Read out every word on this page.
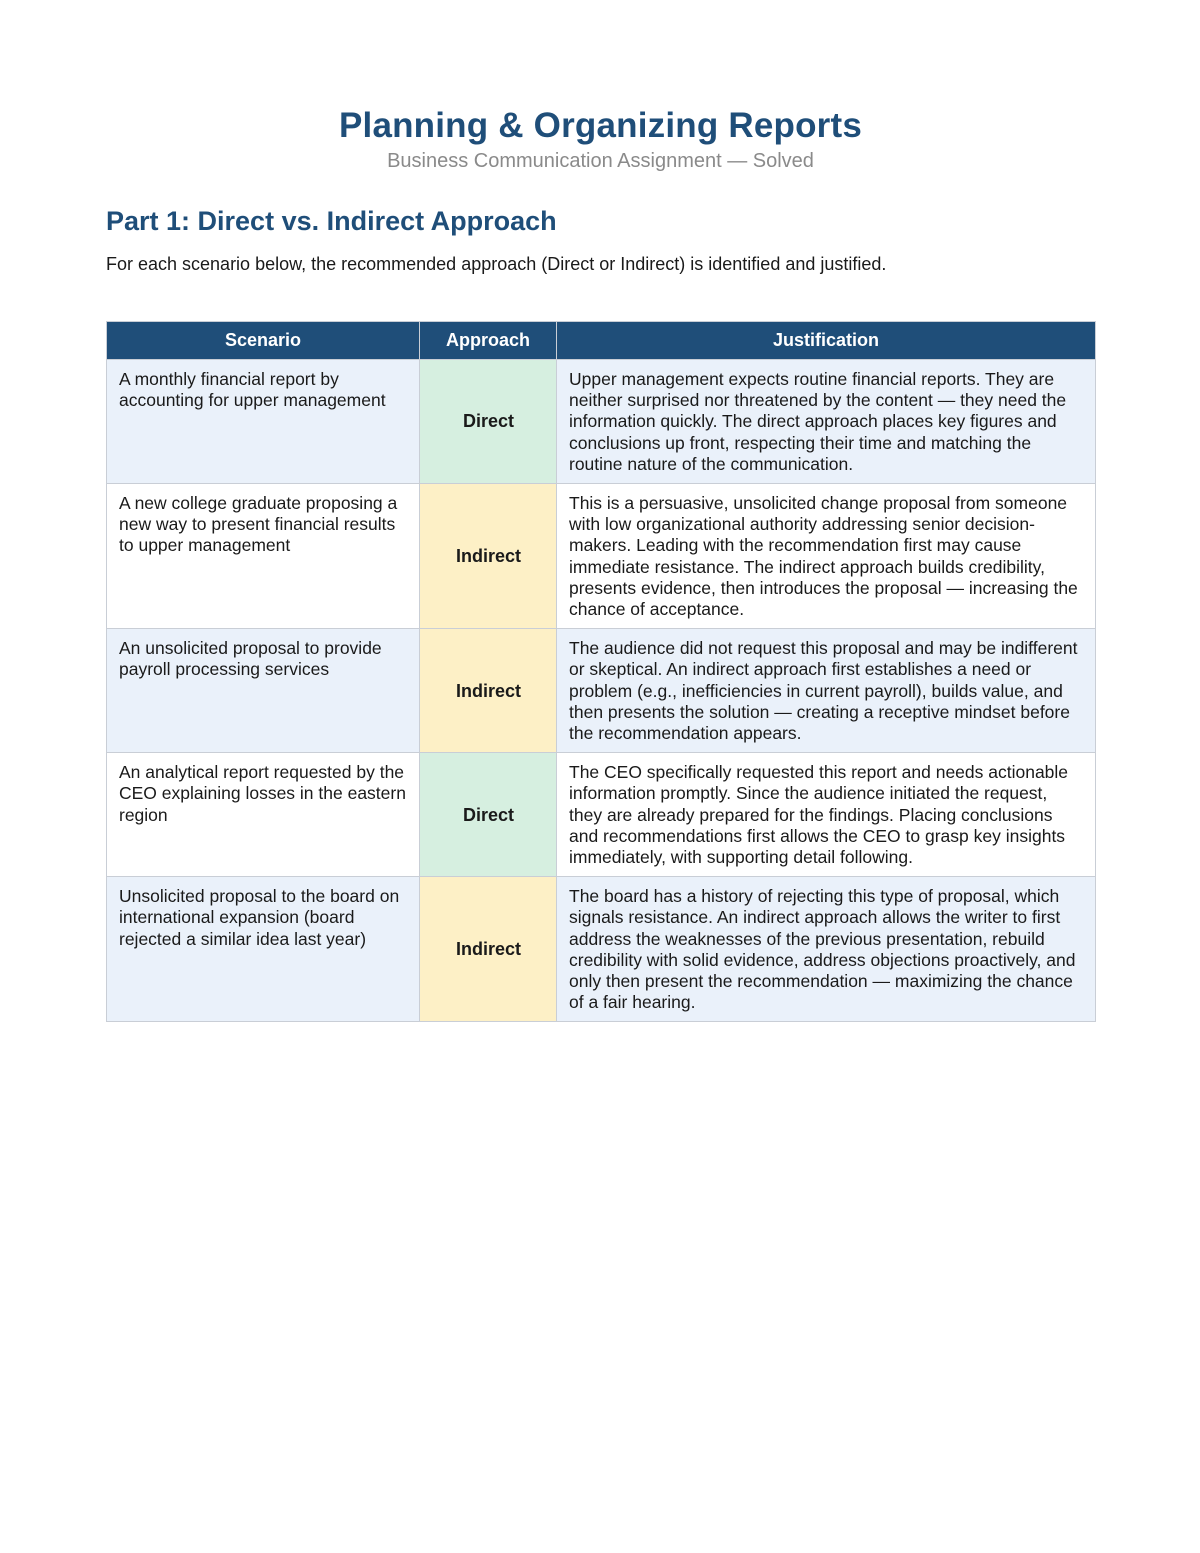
Planning & Organizing Reports

Business Communication Assignment — Solved

Part 1: Direct vs. Indirect Approach

For each scenario below, the recommended approach (Direct or Indirect) is identified and justified.

Scenario	Approach	Justification
A monthly financial report by accounting for upper management	Direct	Upper management expects routine financial reports. They are neither surprised nor threatened by the content — they need the information quickly. The direct approach places key figures and conclusions up front, respecting their time and matching the routine nature of the communication.
A new college graduate proposing a new way to present financial results to upper management	Indirect	This is a persuasive, unsolicited change proposal from someone with low organizational authority addressing senior decision-makers. Leading with the recommendation first may cause immediate resistance. The indirect approach builds credibility, presents evidence, then introduces the proposal — increasing the chance of acceptance.
An unsolicited proposal to provide payroll processing services	Indirect	The audience did not request this proposal and may be indifferent or skeptical. An indirect approach first establishes a need or problem (e.g., inefficiencies in current payroll), builds value, and then presents the solution — creating a receptive mindset before the recommendation appears.
An analytical report requested by the CEO explaining losses in the eastern region	Direct	The CEO specifically requested this report and needs actionable information promptly. Since the audience initiated the request, they are already prepared for the findings. Placing conclusions and recommendations first allows the CEO to grasp key insights immediately, with supporting detail following.
Unsolicited proposal to the board on international expansion (board rejected a similar idea last year)	Indirect	The board has a history of rejecting this type of proposal, which signals resistance. An indirect approach allows the writer to first address the weaknesses of the previous presentation, rebuild credibility with solid evidence, address objections proactively, and only then present the recommendation — maximizing the chance of a fair hearing.
